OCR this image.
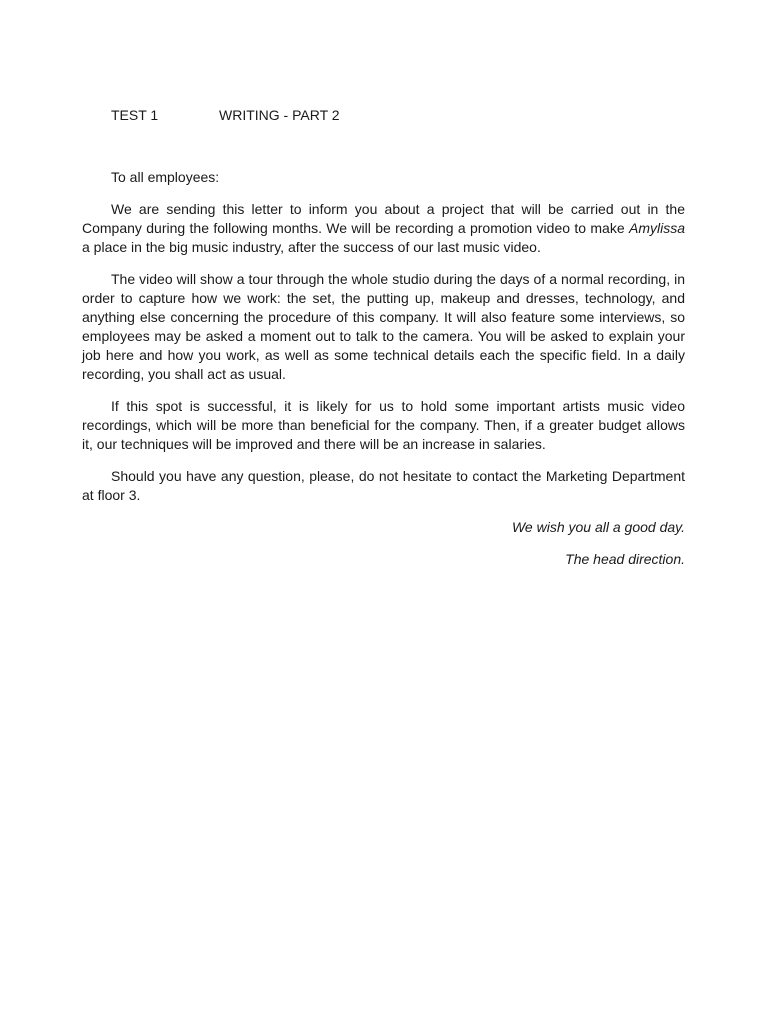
TEST 1	WRITING - PART 2
To all employees:

We are sending this letter to inform you about a project that will be carried out in the Company during the following months. We will be recording a promotion video to make Amylissa a place in the big music industry, after the success of our last music video.

The video will show a tour through the whole studio during the days of a normal recording, in order to capture how we work: the set, the putting up, makeup and dresses, technology, and anything else concerning the procedure of this company. It will also feature some interviews, so employees may be asked a moment out to talk to the camera. You will be asked to explain your job here and how you work, as well as some technical details each the specific field. In a daily recording, you shall act as usual.

If this spot is successful, it is likely for us to hold some important artists music video recordings, which will be more than beneficial for the company. Then, if a greater budget allows it, our techniques will be improved and there will be an increase in salaries.

Should you have any question, please, do not hesitate to contact the Marketing Department at floor 3.

We wish you all a good day.
The head direction.
